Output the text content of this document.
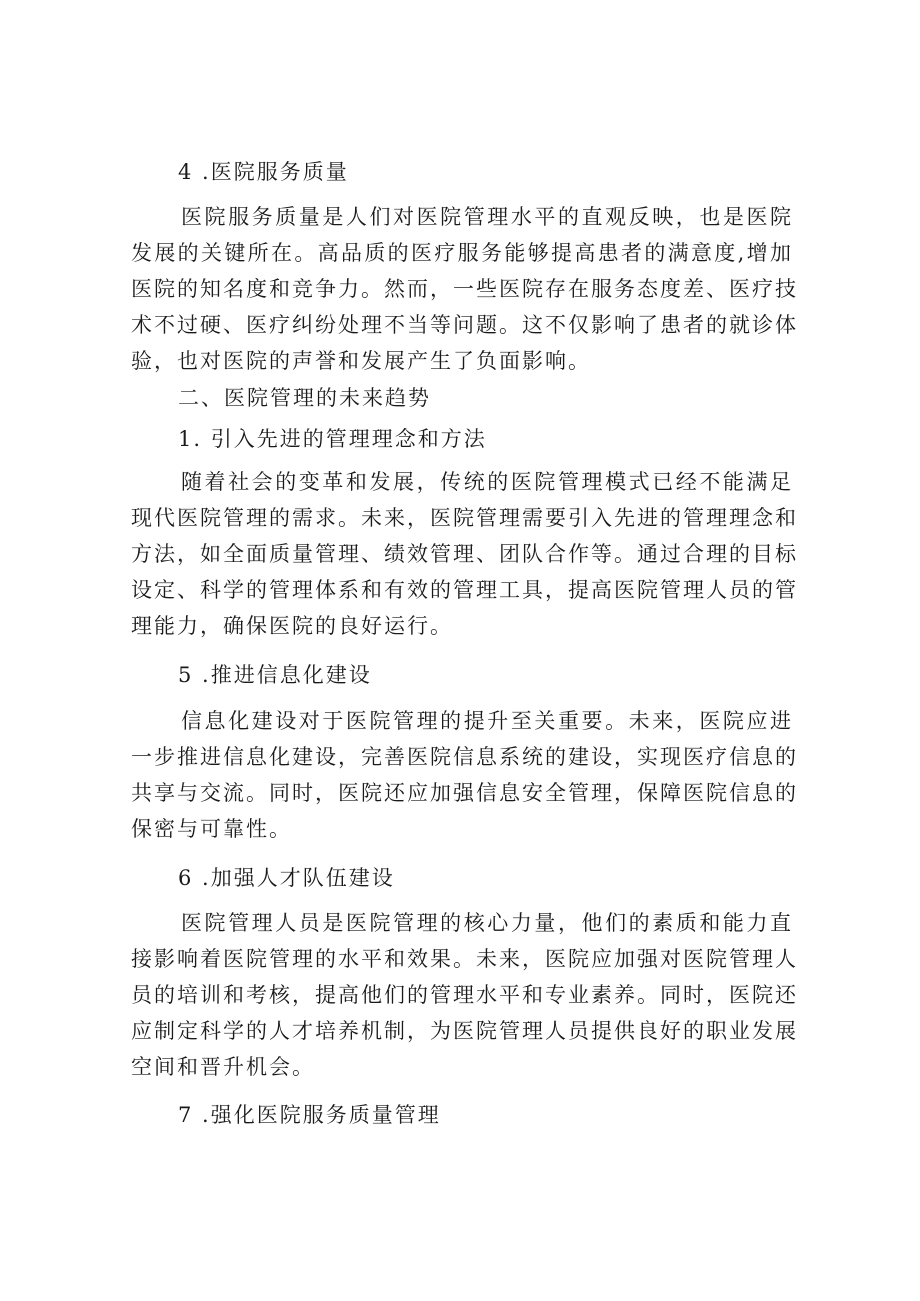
4 .医院服务质量
医院服务质量是人们对医院管理水平的直观反映，也是医院
发展的关键所在。高品质的医疗服务能够提高患者的满意度,增加
医院的知名度和竞争力。然而，一些医院存在服务态度差、医疗技
术不过硬、医疗纠纷处理不当等问题。这不仅影响了患者的就诊体
验，也对医院的声誉和发展产生了负面影响。
二、医院管理的未来趋势
1. 引入先进的管理理念和方法
随着社会的变革和发展，传统的医院管理模式已经不能满足
现代医院管理的需求。未来，医院管理需要引入先进的管理理念和
方法，如全面质量管理、绩效管理、团队合作等。通过合理的目标
设定、科学的管理体系和有效的管理工具，提高医院管理人员的管
理能力，确保医院的良好运行。
5 .推进信息化建设
信息化建设对于医院管理的提升至关重要。未来，医院应进
一步推进信息化建设，完善医院信息系统的建设，实现医疗信息的
共享与交流。同时，医院还应加强信息安全管理，保障医院信息的
保密与可靠性。
6 .加强人才队伍建设
医院管理人员是医院管理的核心力量，他们的素质和能力直
接影响着医院管理的水平和效果。未来，医院应加强对医院管理人
员的培训和考核，提高他们的管理水平和专业素养。同时，医院还
应制定科学的人才培养机制，为医院管理人员提供良好的职业发展
空间和晋升机会。
7 .强化医院服务质量管理
